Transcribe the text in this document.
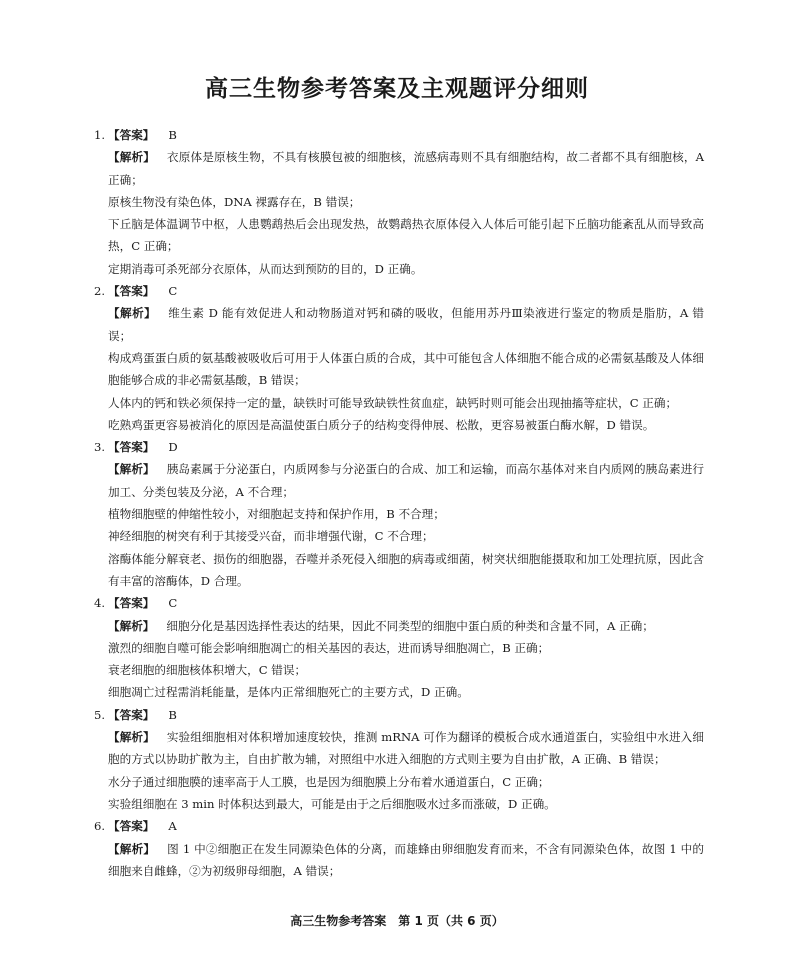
高三生物参考答案及主观题评分细则
1. 【答案】 B
【解析】 衣原体是原核生物，不具有核膜包被的细胞核，流感病毒则不具有细胞结构，故二者都不具有细胞核，A 正确；
原核生物没有染色体，DNA 裸露存在，B 错误；
下丘脑是体温调节中枢，人患鹦鹉热后会出现发热，故鹦鹉热衣原体侵入人体后可能引起下丘脑功能紊乱从而导致高热，C 正确；
定期消毒可杀死部分衣原体，从而达到预防的目的，D 正确。
2. 【答案】 C
【解析】 维生素 D 能有效促进人和动物肠道对钙和磷的吸收，但能用苏丹Ⅲ染液进行鉴定的物质是脂肪，A 错误；
构成鸡蛋蛋白质的氨基酸被吸收后可用于人体蛋白质的合成，其中可能包含人体细胞不能合成的必需氨基酸及人体细胞能够合成的非必需氨基酸，B 错误；
人体内的钙和铁必须保持一定的量，缺铁时可能导致缺铁性贫血症，缺钙时则可能会出现抽搐等症状，C 正确；
吃熟鸡蛋更容易被消化的原因是高温使蛋白质分子的结构变得伸展、松散，更容易被蛋白酶水解，D 错误。
3. 【答案】 D
【解析】 胰岛素属于分泌蛋白，内质网参与分泌蛋白的合成、加工和运输，而高尔基体对来自内质网的胰岛素进行加工、分类包装及分泌，A 不合理；
植物细胞壁的伸缩性较小，对细胞起支持和保护作用，B 不合理；
神经细胞的树突有利于其接受兴奋，而非增强代谢，C 不合理；
溶酶体能分解衰老、损伤的细胞器，吞噬并杀死侵入细胞的病毒或细菌，树突状细胞能摄取和加工处理抗原，因此含有丰富的溶酶体，D 合理。
4. 【答案】 C
【解析】 细胞分化是基因选择性表达的结果，因此不同类型的细胞中蛋白质的种类和含量不同，A 正确；
激烈的细胞自噬可能会影响细胞凋亡的相关基因的表达，进而诱导细胞凋亡，B 正确；
衰老细胞的细胞核体积增大，C 错误；
细胞凋亡过程需消耗能量，是体内正常细胞死亡的主要方式，D 正确。
5. 【答案】 B
【解析】 实验组细胞相对体积增加速度较快，推测 mRNA 可作为翻译的模板合成水通道蛋白，实验组中水进入细胞的方式以协助扩散为主，自由扩散为辅，对照组中水进入细胞的方式则主要为自由扩散，A 正确、B 错误；
水分子通过细胞膜的速率高于人工膜，也是因为细胞膜上分布着水通道蛋白，C 正确；
实验组细胞在 3 min 时体积达到最大，可能是由于之后细胞吸水过多而涨破，D 正确。
6. 【答案】 A
【解析】 图 1 中②细胞正在发生同源染色体的分离，而雄蜂由卵细胞发育而来，不含有同源染色体，故图 1 中的细胞来自雌蜂，②为初级卵母细胞，A 错误；
高三生物参考答案　第 1 页（共 6 页）
